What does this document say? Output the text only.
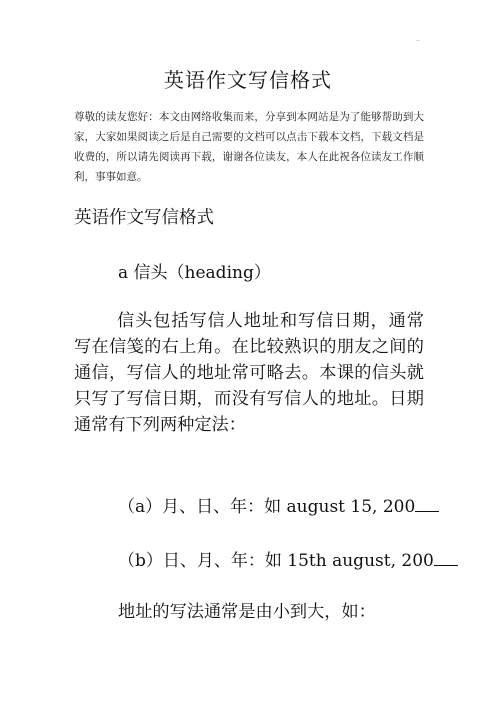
..
英语作文写信格式
尊敬的读友您好：本文由网络收集而来，分享到本网站是为了能够帮助到大家，大家如果阅读之后是自己需要的文档可以点击下载本文档，下载文档是收费的，所以请先阅读再下载，谢谢各位读友，本人在此祝各位读友工作顺利，事事如意。
英语作文写信格式
a 信头（heading）
信头包括写信人地址和写信日期，通常写在信笺的右上角。在比较熟识的朋友之间的通信，写信人的地址常可略去。本课的信头就只写了写信日期，而没有写信人的地址。日期通常有下列两种定法：
（a）月、日、年：如 august 15, 200
（b）日、月、年：如 15th august, 200
地址的写法通常是由小到大，如：
